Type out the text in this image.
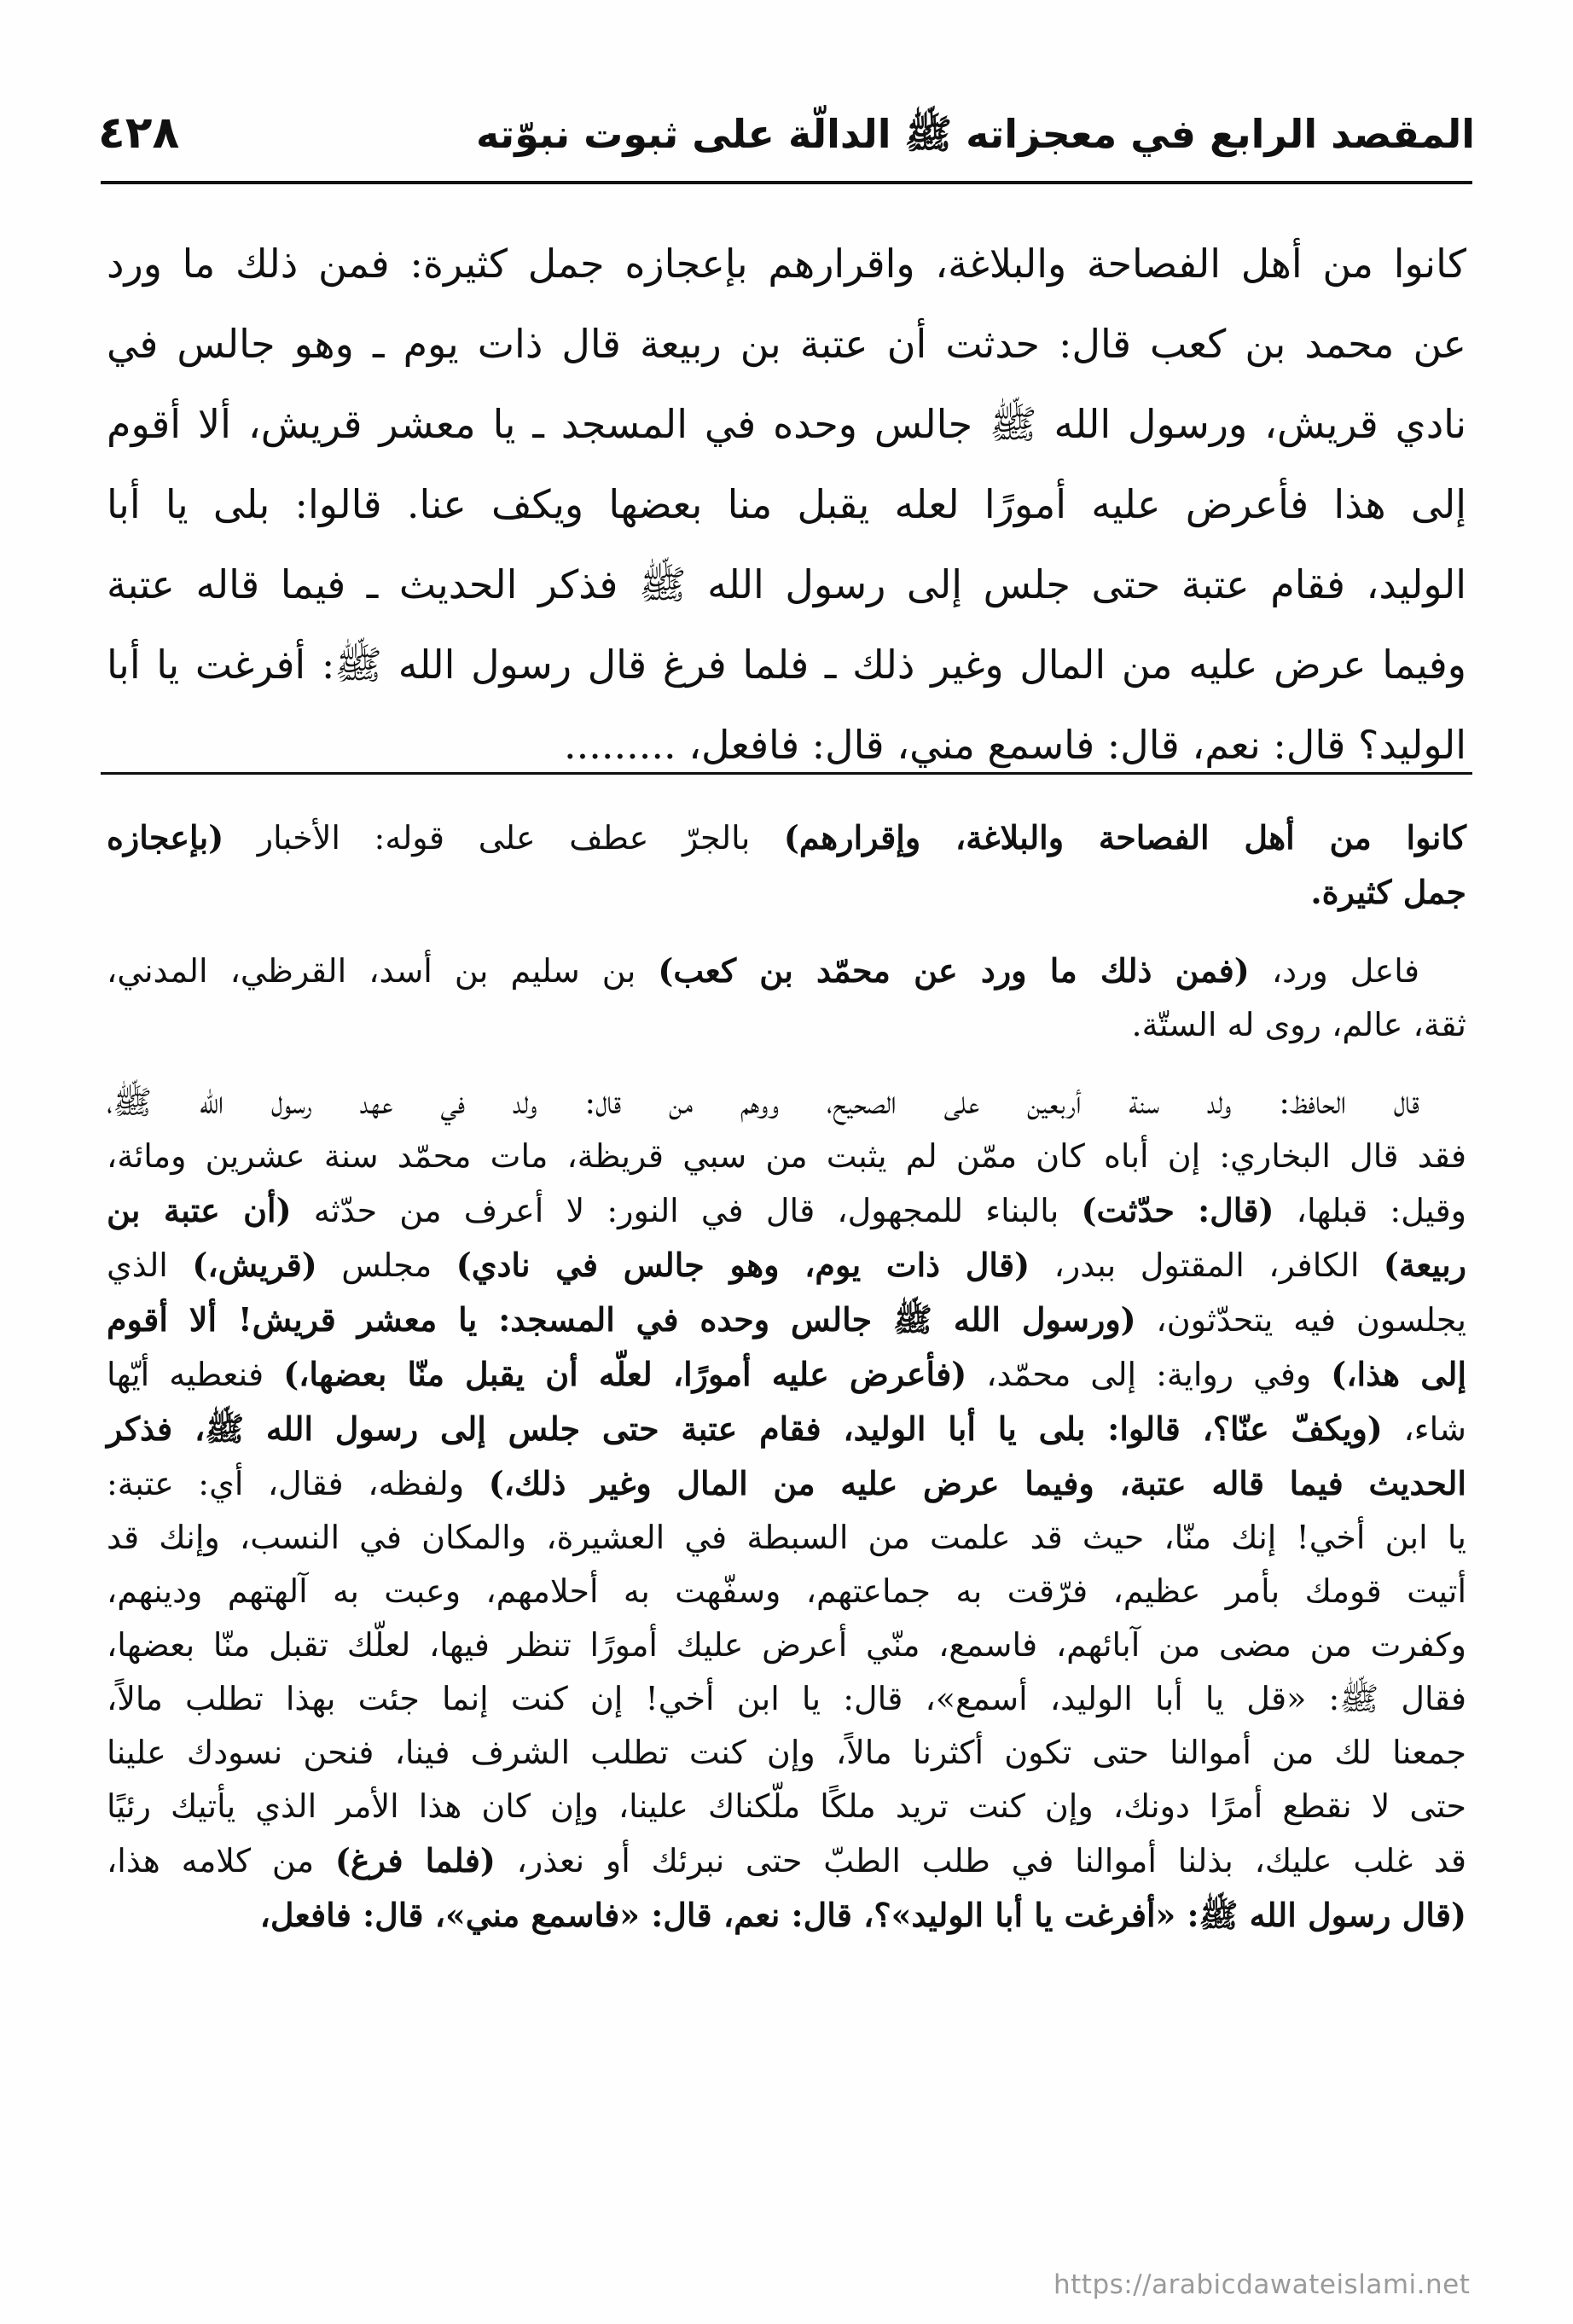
المقصد الرابع في معجزاته ﷺ الدالّة على ثبوت نبوّته
٤٢٨
كانوا من أهل الفصاحة والبلاغة، واقرارهم بإعجازه جمل كثيرة: فمن ذلك ما ورد
عن محمد بن كعب قال: حدثت أن عتبة بن ربيعة قال ذات يوم ـ وهو جالس في
نادي قريش، ورسول الله ﷺ جالس وحده في المسجد ـ يا معشر قريش، ألا أقوم
إلى هذا فأعرض عليه أمورًا لعله يقبل منا بعضها ويكف عنا. قالوا: بلى يا أبا
الوليد، فقام عتبة حتى جلس إلى رسول الله ﷺ فذكر الحديث ـ فيما قاله عتبة
وفيما عرض عليه من المال وغير ذلك ـ فلما فرغ قال رسول الله ﷺ: أفرغت يا أبا
الوليد؟ قال: نعم، قال: فاسمع مني، قال: فافعل، .........

كانوا من أهل الفصاحة والبلاغة، وإقرارهم) بالجرّ عطف على قوله: الأخبار (بإعجازه
جمل كثيرة.

فاعل ورد، (فمن ذلك ما ورد عن محمّد بن كعب) بن سليم بن أسد، القرظي، المدني،
ثقة، عالم، روى له الستّة.

قال الحافظ: ولد سنة أربعين على الصحيح، ووهم من قال: ولد في عهد رسول الله ﷺ،
فقد قال البخاري: إن أباه كان ممّن لم يثبت من سبي قريظة، مات محمّد سنة عشرين ومائة،
وقيل: قبلها، (قال: حدّثت) بالبناء للمجهول، قال في النور: لا أعرف من حدّثه (أن عتبة بن
ربيعة) الكافر، المقتول ببدر، (قال ذات يوم، وهو جالس في نادي) مجلس (قريش،) الذي
يجلسون فيه يتحدّثون، (ورسول الله ﷺ جالس وحده في المسجد: يا معشر قريش! ألا أقوم
إلى هذا،) وفي رواية: إلى محمّد، (فأعرض عليه أمورًا، لعلّه أن يقبل منّا بعضها،) فنعطيه أيّها
شاء، (ويكفّ عنّا؟، قالوا: بلى يا أبا الوليد، فقام عتبة حتى جلس إلى رسول الله ﷺ، فذكر
الحديث فيما قاله عتبة، وفيما عرض عليه من المال وغير ذلك،) ولفظه، فقال، أي: عتبة:
يا ابن أخي! إنك منّا، حيث قد علمت من السبطة في العشيرة، والمكان في النسب، وإنك قد
أتيت قومك بأمر عظيم، فرّقت به جماعتهم، وسفّهت به أحلامهم، وعبت به آلهتهم ودينهم،
وكفرت من مضى من آبائهم، فاسمع، منّي أعرض عليك أمورًا تنظر فيها، لعلّك تقبل منّا بعضها،
فقال ﷺ: «قل يا أبا الوليد، أسمع»، قال: يا ابن أخي! إن كنت إنما جئت بهذا تطلب مالاً،
جمعنا لك من أموالنا حتى تكون أكثرنا مالاً، وإن كنت تطلب الشرف فينا، فنحن نسودك علينا
حتى لا نقطع أمرًا دونك، وإن كنت تريد ملكًا ملّكناك علينا، وإن كان هذا الأمر الذي يأتيك رئيًا
قد غلب عليك، بذلنا أموالنا في طلب الطبّ حتى نبرئك أو نعذر، (فلما فرغ) من كلامه هذا،
(قال رسول الله ﷺ: «أفرغت يا أبا الوليد»؟، قال: نعم، قال: «فاسمع مني»، قال: فافعل،

https://arabicdawateislami.net
